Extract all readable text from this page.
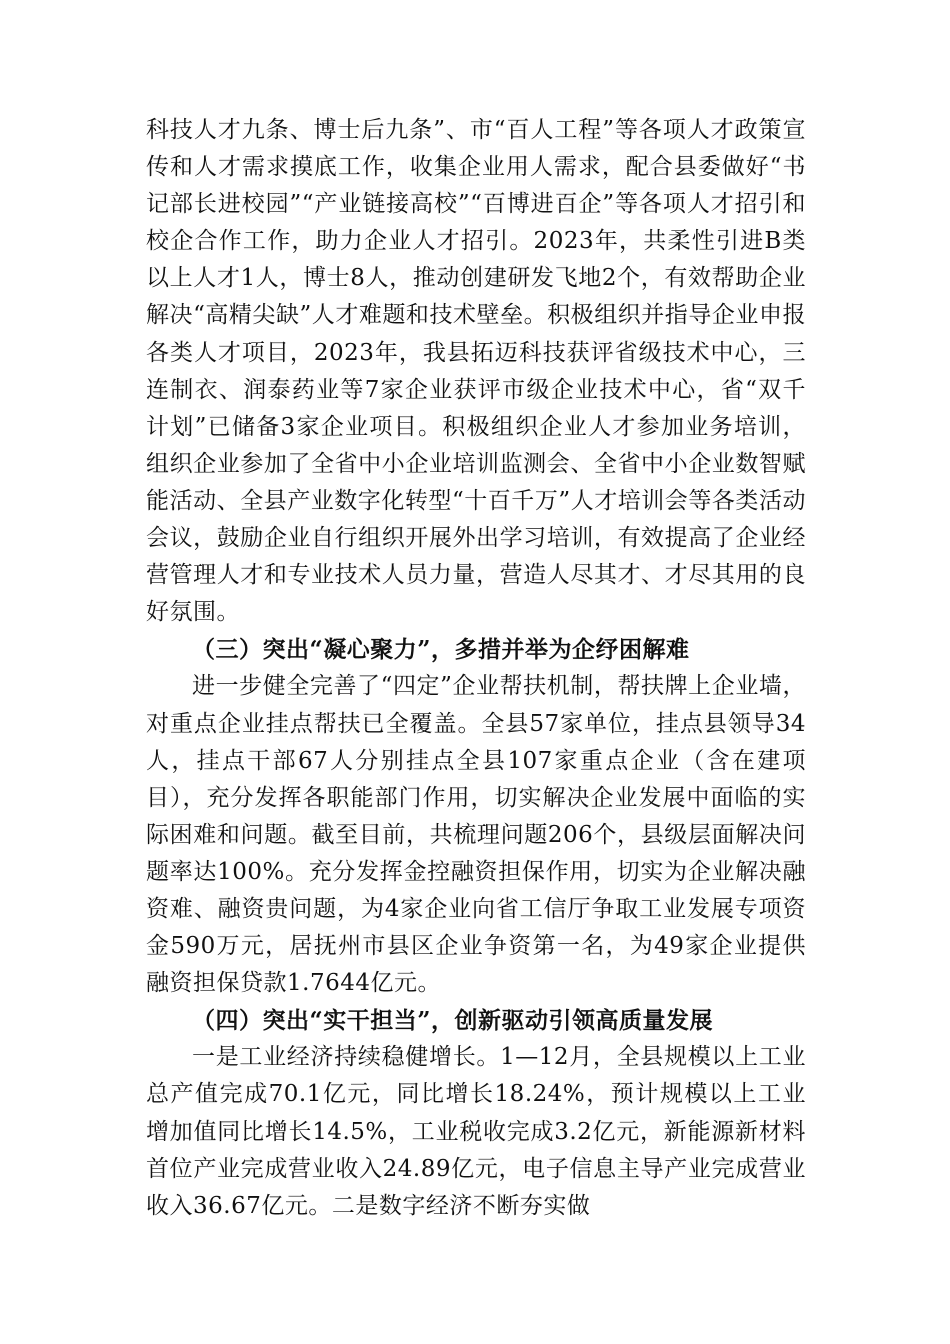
科技人才九条、博士后九条”、市“百人工程”等各项人才政策宣传和人才需求摸底工作，收集企业用人需求，配合县委做好“书记部长进校园”“产业链接高校”“百博进百企”等各项人才招引和校企合作工作，助力企业人才招引。2023年，共柔性引进B类以上人才1人，博士8人，推动创建研发飞地2个，有效帮助企业解决“高精尖缺”人才难题和技术壁垒。积极组织并指导企业申报各类人才项目，2023年，我县拓迈科技获评省级技术中心，三连制衣、润泰药业等7家企业获评市级企业技术中心，省“双千计划”已储备3家企业项目。积极组织企业人才参加业务培训，组织企业参加了全省中小企业培训监测会、全省中小企业数智赋能活动、全县产业数字化转型“十百千万”人才培训会等各类活动会议，鼓励企业自行组织开展外出学习培训，有效提高了企业经营管理人才和专业技术人员力量，营造人尽其才、才尽其用的良好氛围。

（三）突出“凝心聚力”，多措并举为企纾困解难

进一步健全完善了“四定”企业帮扶机制，帮扶牌上企业墙，对重点企业挂点帮扶已全覆盖。全县57家单位，挂点县领导34人，挂点干部67人分别挂点全县107家重点企业（含在建项目），充分发挥各职能部门作用，切实解决企业发展中面临的实际困难和问题。截至目前，共梳理问题206个，县级层面解决问题率达100%。充分发挥金控融资担保作用，切实为企业解决融资难、融资贵问题，为4家企业向省工信厅争取工业发展专项资金590万元，居抚州市县区企业争资第一名，为49家企业提供融资担保贷款1.7644亿元。

（四）突出“实干担当”，创新驱动引领高质量发展

一是工业经济持续稳健增长。1—12月，全县规模以上工业总产值完成70.1亿元，同比增长18.24%，预计规模以上工业增加值同比增长14.5%，工业税收完成3.2亿元，新能源新材料首位产业完成营业收入24.89亿元，电子信息主导产业完成营业收入36.67亿元。二是数字经济不断夯实做
